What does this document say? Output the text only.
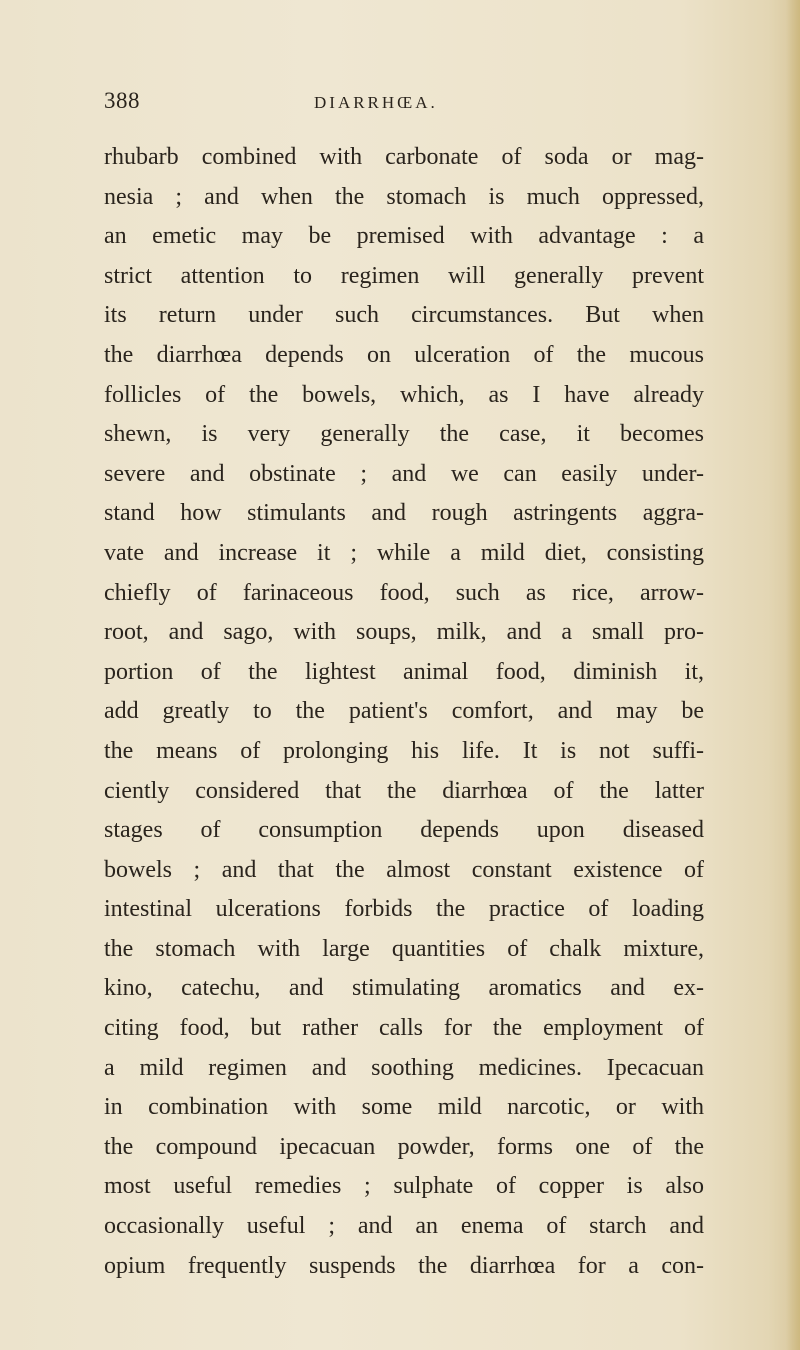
388	DIARRHŒA.
rhubarb combined with carbonate of soda or mag-
nesia ; and when the stomach is much oppressed,
an emetic may be premised with advantage : a
strict attention to regimen will generally prevent
its return under such circumstances. But when
the diarrhœa depends on ulceration of the mucous
follicles of the bowels, which, as I have already
shewn, is very generally the case, it becomes
severe and obstinate ; and we can easily under-
stand how stimulants and rough astringents aggra-
vate and increase it ; while a mild diet, consisting
chiefly of farinaceous food, such as rice, arrow-
root, and sago, with soups, milk, and a small pro-
portion of the lightest animal food, diminish it,
add greatly to the patient's comfort, and may be
the means of prolonging his life. It is not suffi-
ciently considered that the diarrhœa of the latter
stages of consumption depends upon diseased
bowels ; and that the almost constant existence of
intestinal ulcerations forbids the practice of loading
the stomach with large quantities of chalk mixture,
kino, catechu, and stimulating aromatics and ex-
citing food, but rather calls for the employment of
a mild regimen and soothing medicines. Ipecacuan
in combination with some mild narcotic, or with
the compound ipecacuan powder, forms one of the
most useful remedies ; sulphate of copper is also
occasionally useful ; and an enema of starch and
opium frequently suspends the diarrhœa for a con-
